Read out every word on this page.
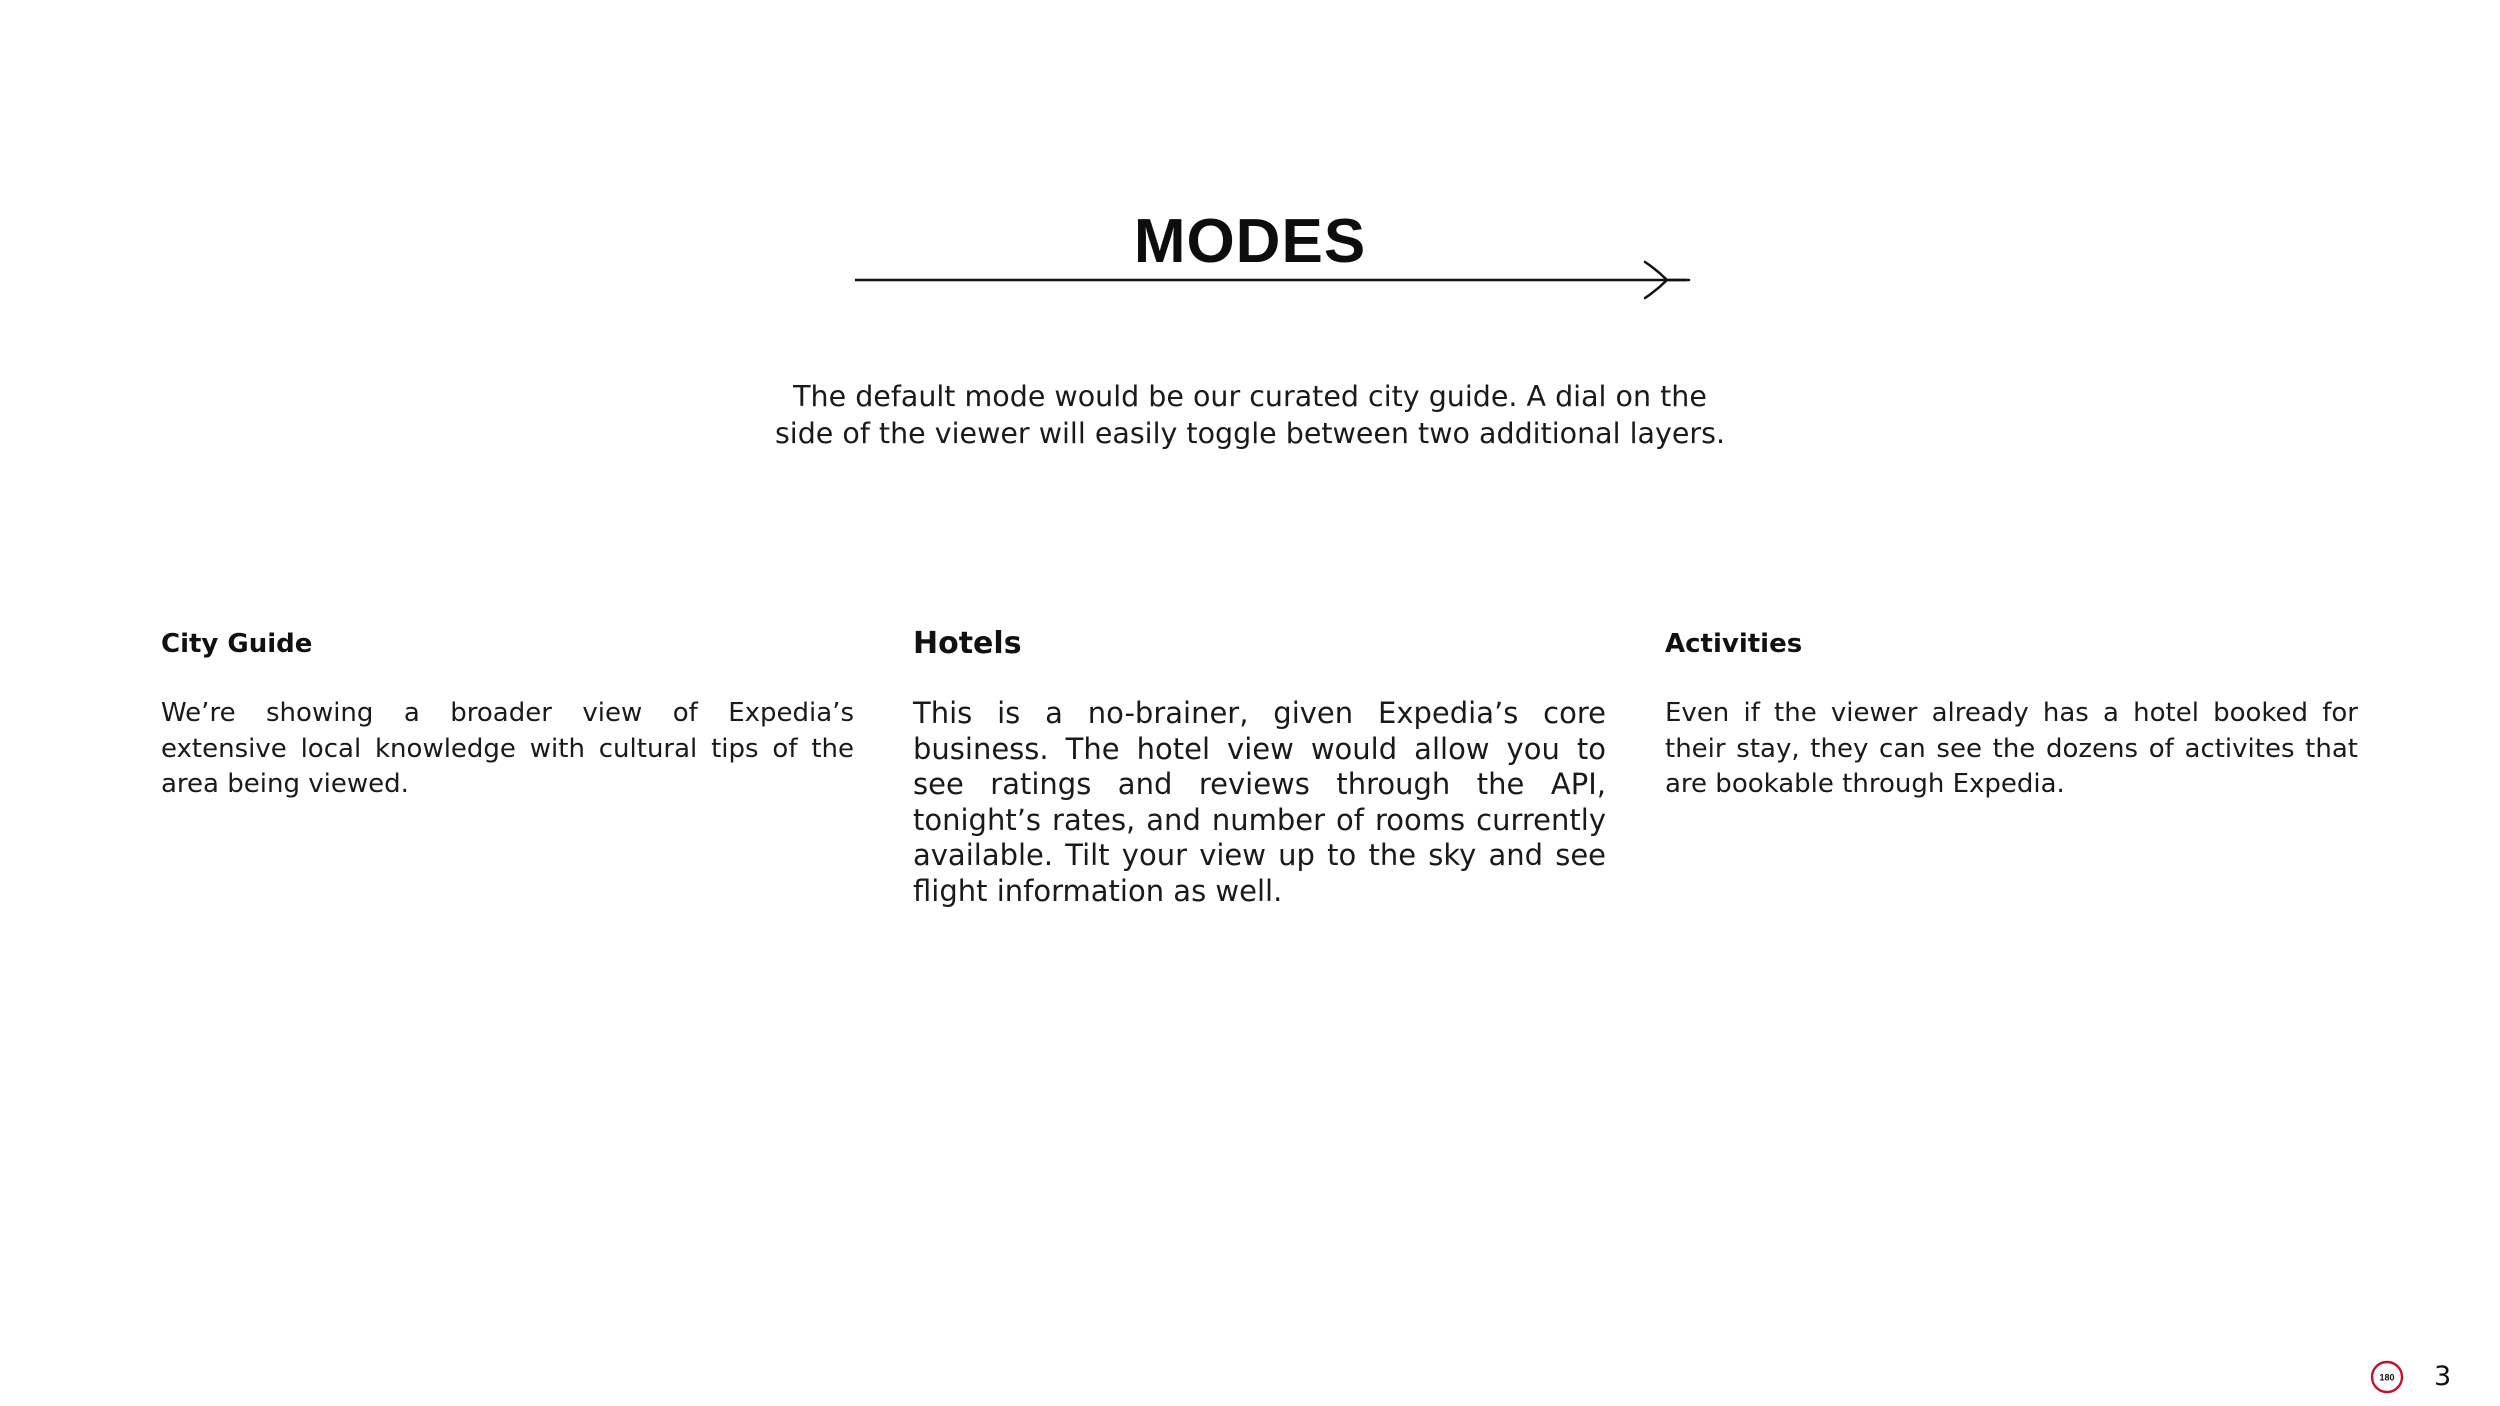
MODES

The default mode would be our curated city guide. A dial on the side of the viewer will easily toggle between two additional layers.

City Guide

We’re showing a broader view of Expedia’s extensive local knowledge with cultural tips of the area being viewed.

Hotels

This is a no-brainer, given Expedia’s core business. The hotel view would allow you to see ratings and reviews through the API, tonight’s rates, and number of rooms currently available. Tilt your view up to the sky and see flight information as well.

Activities

Even if the viewer already has a hotel booked for their stay, they can see the dozens of activites that are bookable through Expedia.

180 3
